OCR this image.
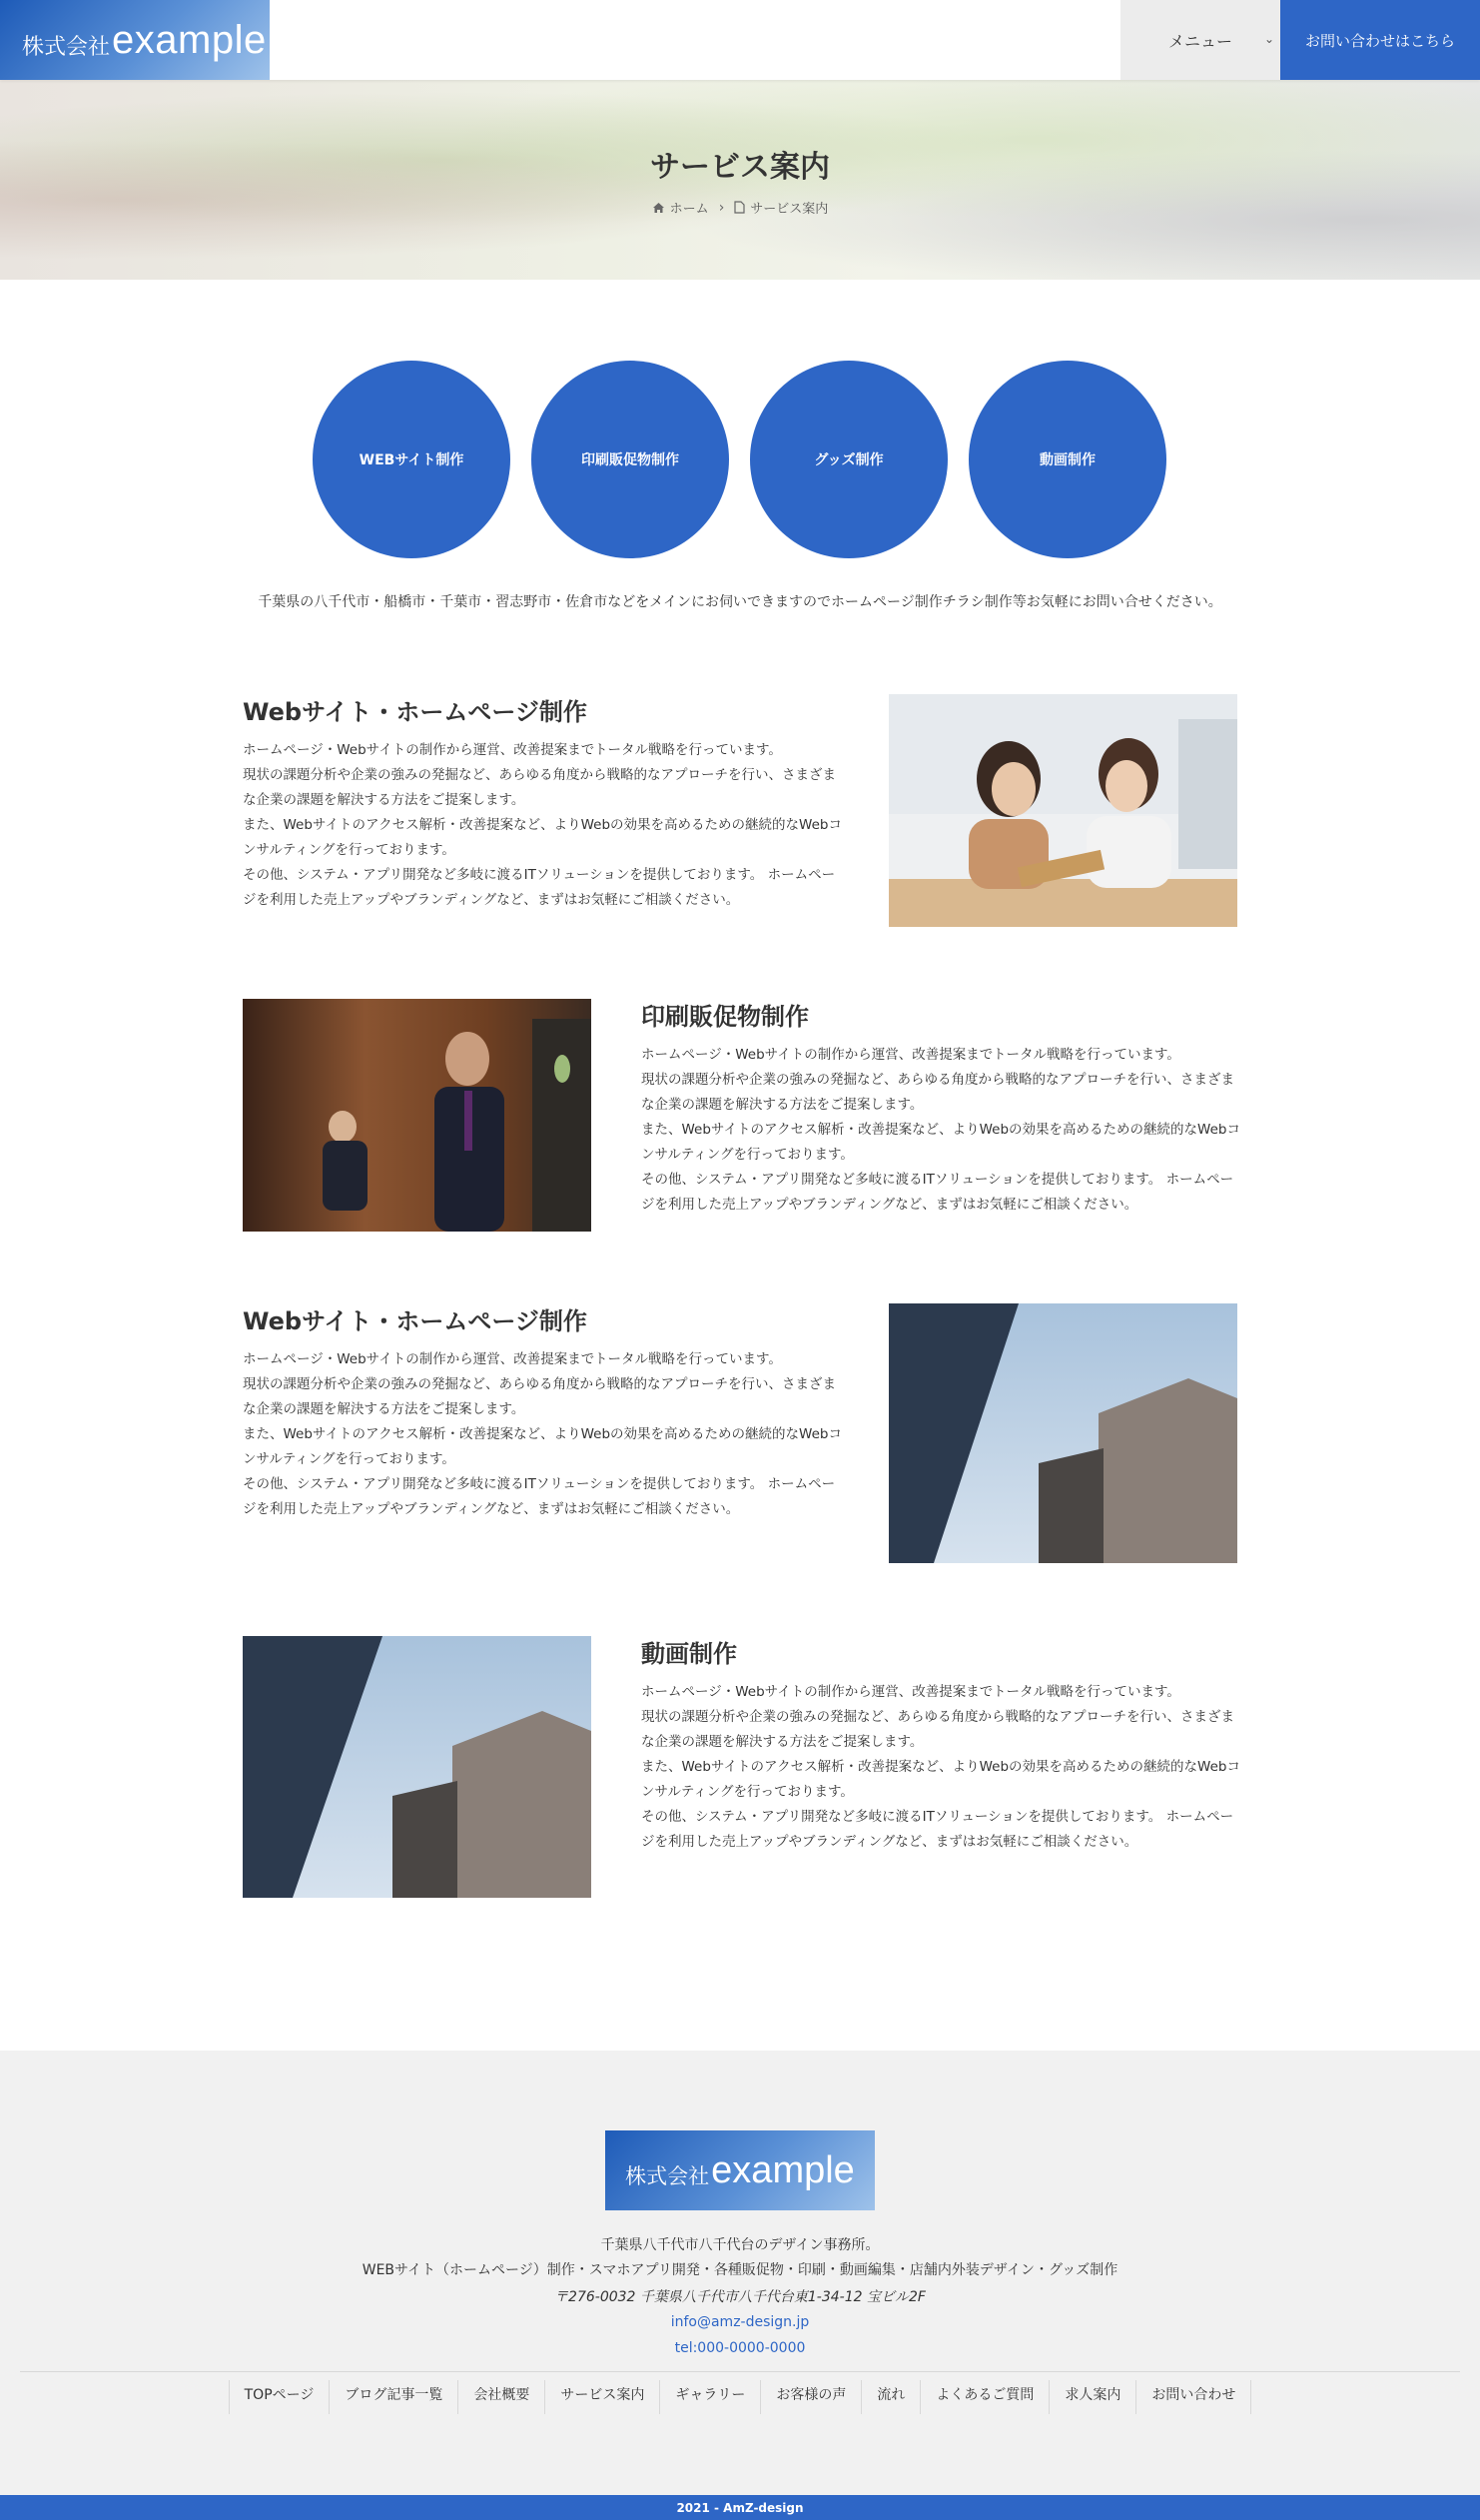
株式会社 example	メニュー	⌄ お問い合わせはこちら
サービス案内
ホーム › サービス案内
WEBサイト制作	印刷販促物制作	グッズ制作	動画制作

千葉県の八千代市・船橋市・千葉市・習志野市・佐倉市などをメインにお伺いできますのでホームページ制作チラシ制作等お気軽にお問い合せください。

Webサイト・ホームページ制作

ホームページ・Webサイトの制作から運営、改善提案までトータル戦略を行っています。

現状の課題分析や企業の強みの発掘など、あらゆる角度から戦略的なアプローチを行い、さまざまな企業の課題を解決する方法をご提案します。

また、Webサイトのアクセス解析・改善提案など、よりWebの効果を高めるための継続的なWebコンサルティングを行っております。

その他、システム・アプリ開発など多岐に渡るITソリューションを提供しております。 ホームページを利用した売上アップやブランディングなど、まずはお気軽にご相談ください。

印刷販促物制作

ホームページ・Webサイトの制作から運営、改善提案までトータル戦略を行っています。

現状の課題分析や企業の強みの発掘など、あらゆる角度から戦略的なアプローチを行い、さまざまな企業の課題を解決する方法をご提案します。

また、Webサイトのアクセス解析・改善提案など、よりWebの効果を高めるための継続的なWebコンサルティングを行っております。

その他、システム・アプリ開発など多岐に渡るITソリューションを提供しております。 ホームページを利用した売上アップやブランディングなど、まずはお気軽にご相談ください。

Webサイト・ホームページ制作

ホームページ・Webサイトの制作から運営、改善提案までトータル戦略を行っています。

現状の課題分析や企業の強みの発掘など、あらゆる角度から戦略的なアプローチを行い、さまざまな企業の課題を解決する方法をご提案します。

また、Webサイトのアクセス解析・改善提案など、よりWebの効果を高めるための継続的なWebコンサルティングを行っております。

その他、システム・アプリ開発など多岐に渡るITソリューションを提供しております。 ホームページを利用した売上アップやブランディングなど、まずはお気軽にご相談ください。

動画制作

ホームページ・Webサイトの制作から運営、改善提案までトータル戦略を行っています。

現状の課題分析や企業の強みの発掘など、あらゆる角度から戦略的なアプローチを行い、さまざまな企業の課題を解決する方法をご提案します。

また、Webサイトのアクセス解析・改善提案など、よりWebの効果を高めるための継続的なWebコンサルティングを行っております。

その他、システム・アプリ開発など多岐に渡るITソリューションを提供しております。 ホームページを利用した売上アップやブランディングなど、まずはお気軽にご相談ください。

株式会社 example

千葉県八千代市八千代台のデザイン事務所。

WEBサイト（ホームページ）制作・スマホアプリ開発・各種販促物・印刷・動画編集・店舗内外装デザイン・グッズ制作

〒276-0032 千葉県八千代市八千代台東1-34-12 宝ビル2F

info@amz-design.jp

tel:000-0000-0000

TOPページ	ブログ記事一覧	会社概要	サービス案内	ギャラリー	お客様の声	流れ	よくあるご質問	求人案内	お問い合わせ
2021 - AmZ-design
